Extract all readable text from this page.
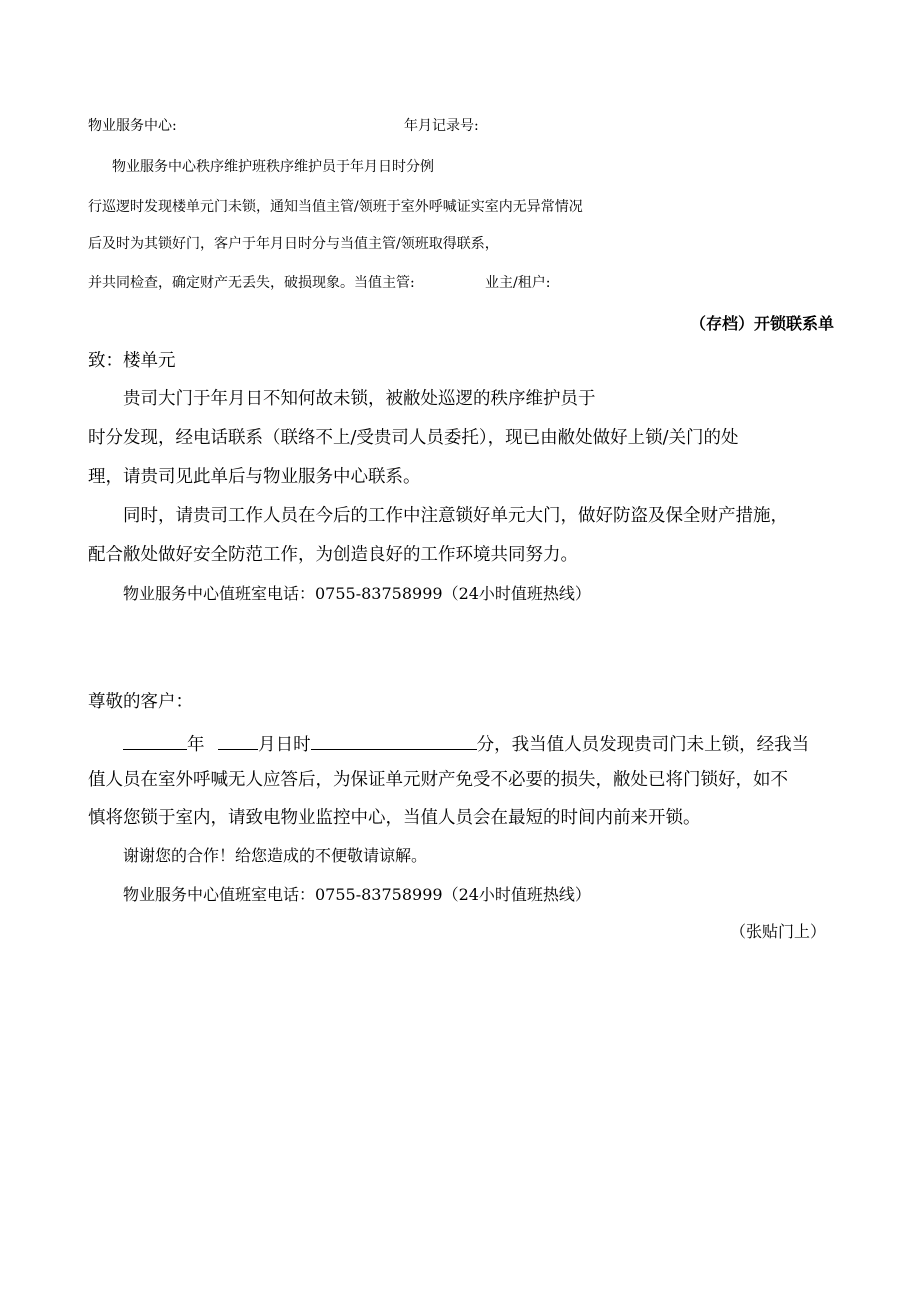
物业服务中心:	年月记录号:
物业服务中心秩序维护班秩序维护员于年月日时分例
行巡逻时发现楼单元门未锁，通知当值主管/领班于室外呼喊证实室内无异常情况
后及时为其锁好门，客户于年月日时分与当值主管/领班取得联系，
并共同检查，确定财产无丢失，破损现象。当值主管:	业主/租户:
（存档）开锁联系单
致：楼单元
贵司大门于年月日不知何故未锁，被敝处巡逻的秩序维护员于
时分发现，经电话联系（联络不上/受贵司人员委托），现已由敝处做好上锁/关门的处
理，请贵司见此单后与物业服务中心联系。
同时，请贵司工作人员在今后的工作中注意锁好单元大门，做好防盗及保全财产措施，
配合敝处做好安全防范工作，为创造良好的工作环境共同努力。
物业服务中心值班室电话：0755-83758999（24小时值班热线）
尊敬的客户：
年	月日时	分，我当值人员发现贵司门未上锁，经我当
值人员在室外呼喊无人应答后，为保证单元财产免受不必要的损失，敝处已将门锁好，如不
慎将您锁于室内，请致电物业监控中心，当值人员会在最短的时间内前来开锁。
谢谢您的合作！给您造成的不便敬请谅解。
物业服务中心值班室电话：0755-83758999（24小时值班热线）
（张贴门上）
